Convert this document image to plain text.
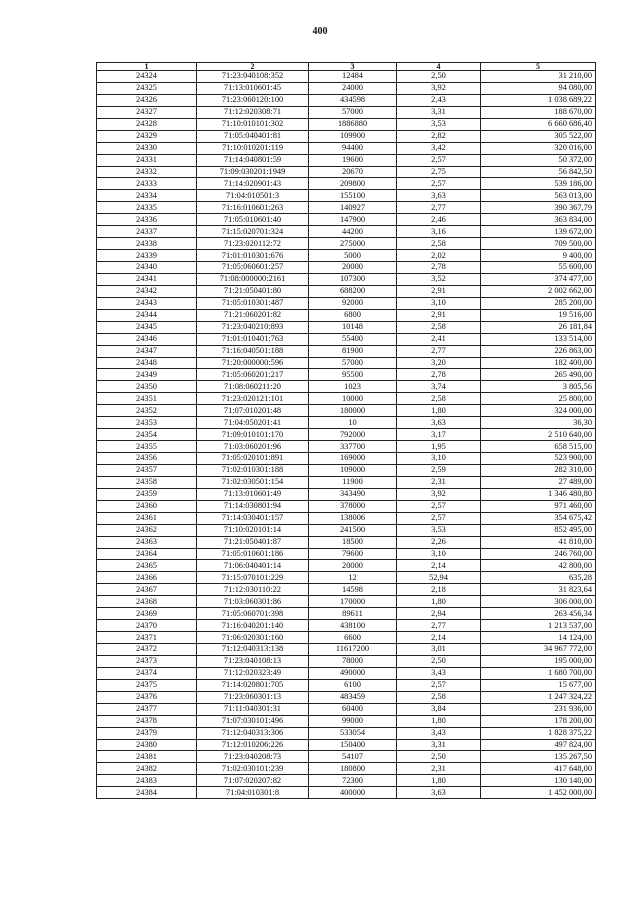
400
1	2	3	4	5
24324	71:23:040108:352	12484	2,50	31 210,00
24325	71:13:010601:45	24000	3,92	94 080,00
24326	71:23:060120:100	434598	2,43	1 038 689,22
24327	71:12:020308:71	57000	3,31	188 670,00
24328	71:10:010101:302	1886880	3,53	6 660 686,40
24329	71:05:040401:81	109900	2,82	305 522,00
24330	71:10:010201:119	94400	3,42	320 016,00
24331	71:14:040801:59	19600	2,57	50 372,00
24332	71:09:030201:1949	20670	2,75	56 842,50
24333	71:14:020901:43	209800	2,57	539 186,00
24334	71:04:010501:3	155100	3,63	563 013,00
24335	71:16:010601:263	140927	2,77	390 367,79
24336	71:05:010601:40	147900	2,46	363 834,00
24337	71:15:020701:324	44200	3,16	139 672,00
24338	71:23:020112:72	275000	2,58	709 500,00
24339	71:01:010301:676	5000	2,02	9 400,00
24340	71:05:060601:257	20000	2,78	55 600,00
24341	71:08:000000:2161	107300	3,52	374 477,00
24342	71:21:050401:80	688200	2,91	2 002 662,00
24343	71:05:010301:487	92000	3,10	285 200,00
24344	71:21:060201:82	6800	2,91	19 516,00
24345	71:23:040210:893	10148	2,58	26 181,84
24346	71:01:010401:763	55400	2,41	133 514,00
24347	71:16:040501:188	81900	2,77	226 863,00
24348	71:20:000000:596	57000	3,20	182 400,00
24349	71:05:060201:217	95500	2,78	265 490,00
24350	71:08:060211:20	1023	3,74	3 805,56
24351	71:23:020121:101	10000	2,58	25 800,00
24352	71:07:010201:48	180000	1,80	324 000,00
24353	71:04:050201:41	10	3,63	36,30
24354	71:09:010101:170	792000	3,17	2 510 640,00
24355	71:03:060201:96	337700	1,95	658 515,00
24356	71:05:020101:891	169000	3,10	523 900,00
24357	71:02:010301:188	109000	2,59	282 310,00
24358	71:02:030501:154	11900	2,31	27 489,00
24359	71:13:010601:49	343490	3,92	1 346 480,80
24360	71:14:030801:94	378000	2,57	971 460,00
24361	71:14:030401:157	138006	2,57	354 675,42
24362	71:10:020101:14	241500	3,53	852 495,00
24363	71:21:050401:87	18500	2,26	41 810,00
24364	71:05:010601:186	79600	3,10	246 760,00
24365	71:06:040401:14	20000	2,14	42 800,00
24366	71:15:070101:229	12	52,94	635,28
24367	71:12:030110:22	14598	2,18	31 823,64
24368	71:03:060301:86	170000	1,80	306 000,00
24369	71:05:060701:398	89611	2,94	263 456,34
24370	71:16:040201:140	438100	2,77	1 213 537,00
24371	71:06:020301:160	6600	2,14	14 124,00
24372	71:12:040313:138	11617200	3,01	34 967 772,00
24373	71:23:040108:13	78000	2,50	195 000,00
24374	71:12:020323:49	490000	3,43	1 680 700,00
24375	71:14:020801:705	6100	2,57	15 677,00
24376	71:23:060301:13	483459	2,58	1 247 324,22
24377	71:11:040301:31	60400	3,84	231 936,00
24378	71:07:030101:496	99000	1,80	178 200,00
24379	71:12:040313:306	533054	3,43	1 828 375,22
24380	71:12:010206:226	150400	3,31	497 824,00
24381	71:23:040208:73	54107	2,50	135 267,50
24382	71:02:030101:239	180800	2,31	417 648,00
24383	71:07:020207:82	72300	1,80	130 140,00
24384	71:04:010301:8	400000	3,63	1 452 000,00
